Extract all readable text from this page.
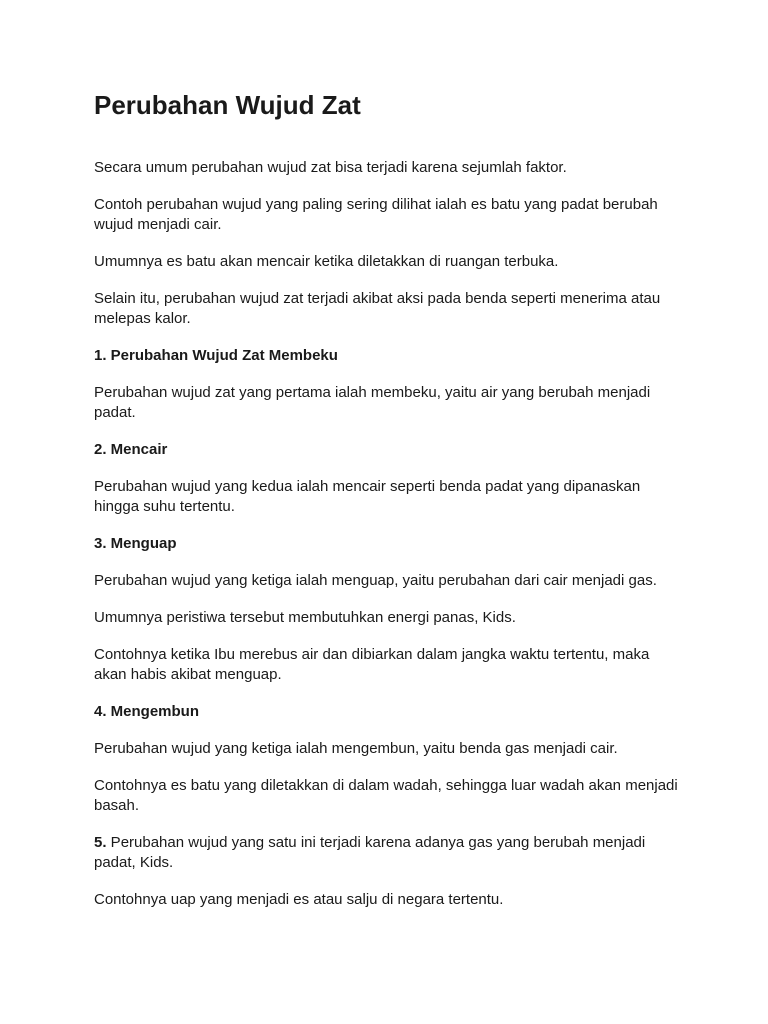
Perubahan Wujud Zat

Secara umum perubahan wujud zat bisa terjadi karena sejumlah faktor.

Contoh perubahan wujud yang paling sering dilihat ialah es batu yang padat berubah wujud menjadi cair.

Umumnya es batu akan mencair ketika diletakkan di ruangan terbuka.

Selain itu, perubahan wujud zat terjadi akibat aksi pada benda seperti menerima atau melepas kalor.

1. Perubahan Wujud Zat Membeku

Perubahan wujud zat yang pertama ialah membeku, yaitu air yang berubah menjadi padat.

2. Mencair

Perubahan wujud yang kedua ialah mencair seperti benda padat yang dipanaskan hingga suhu tertentu.

3. Menguap

Perubahan wujud yang ketiga ialah menguap, yaitu perubahan dari cair menjadi gas.

Umumnya peristiwa tersebut membutuhkan energi panas, Kids.

Contohnya ketika Ibu merebus air dan dibiarkan dalam jangka waktu tertentu, maka akan habis akibat menguap.

4. Mengembun

Perubahan wujud yang ketiga ialah mengembun, yaitu benda gas menjadi cair.

Contohnya es batu yang diletakkan di dalam wadah, sehingga luar wadah akan menjadi basah.

5. Perubahan wujud yang satu ini terjadi karena adanya gas yang berubah menjadi padat, Kids.

Contohnya uap yang menjadi es atau salju di negara tertentu.
